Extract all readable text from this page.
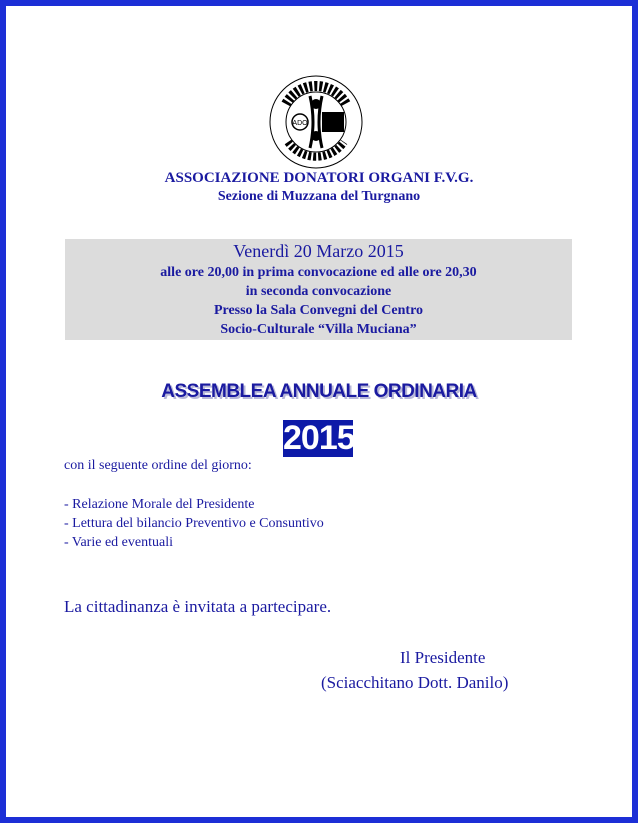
ADO
ASSOCIAZIONE DONATORI ORGANI F.V.G.
Sezione di Muzzana del Turgnano
Venerdì 20 Marzo 2015
alle ore 20,00 in prima convocazione ed alle ore 20,30
in seconda convocazione
Presso la Sala Convegni del Centro
Socio-Culturale “Villa Muciana”
ASSEMBLEA ANNUALE ORDINARIA
2015
con il seguente ordine del giorno:
- Relazione Morale del Presidente
- Lettura del bilancio Preventivo e Consuntivo
- Varie ed eventuali
La cittadinanza è invitata a partecipare.
Il Presidente
(Sciacchitano Dott. Danilo)
